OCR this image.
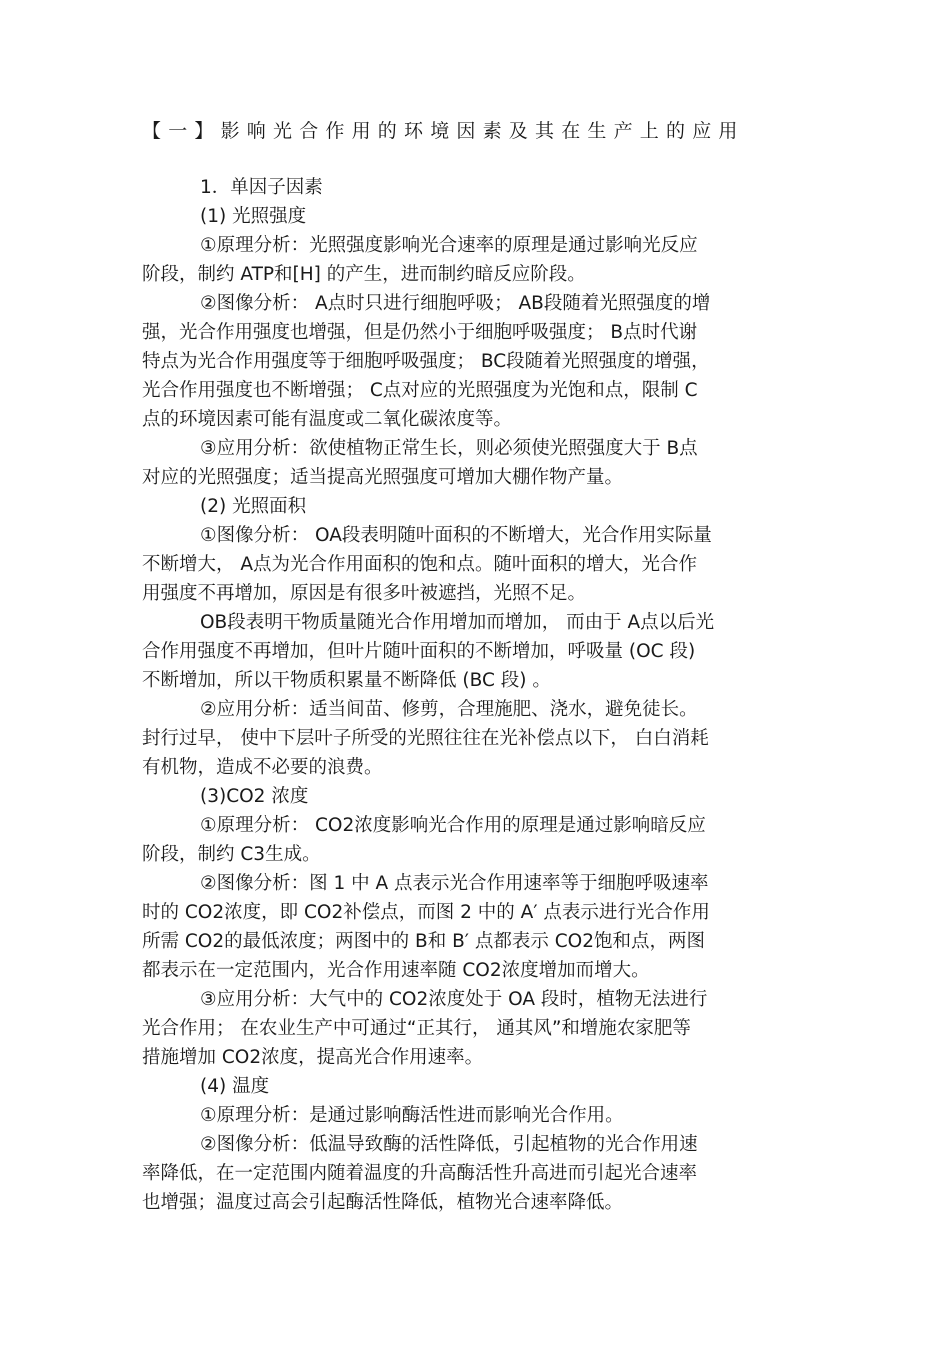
【一】影响光合作用的环境因素及其在生产上的应用
1．单因子因素
(1) 光照强度
①原理分析：光照强度影响光合速率的原理是通过影响光反应
阶段，制约 ATP和[H] 的产生，进而制约暗反应阶段。
②图像分析： A点时只进行细胞呼吸； AB段随着光照强度的增
强，光合作用强度也增强，但是仍然小于细胞呼吸强度； B点时代谢
特点为光合作用强度等于细胞呼吸强度； BC段随着光照强度的增强，
光合作用强度也不断增强； C点对应的光照强度为光饱和点，限制 C
点的环境因素可能有温度或二氧化碳浓度等。
③应用分析：欲使植物正常生长，则必须使光照强度大于 B点
对应的光照强度；适当提高光照强度可增加大棚作物产量。
(2) 光照面积
①图像分析： OA段表明随叶面积的不断增大，光合作用实际量
不断增大， A点为光合作用面积的饱和点。随叶面积的增大，光合作
用强度不再增加，原因是有很多叶被遮挡，光照不足。
OB段表明干物质量随光合作用增加而增加， 而由于 A点以后光
合作用强度不再增加，但叶片随叶面积的不断增加，呼吸量 (OC 段)
不断增加，所以干物质积累量不断降低 (BC 段) 。
②应用分析：适当间苗、修剪，合理施肥、浇水，避免徒长。
封行过早， 使中下层叶子所受的光照往往在光补偿点以下， 白白消耗
有机物，造成不必要的浪费。
(3)CO2 浓度
①原理分析： CO2浓度影响光合作用的原理是通过影响暗反应
阶段，制约 C3生成。
②图像分析：图 1 中 A 点表示光合作用速率等于细胞呼吸速率
时的 CO2浓度，即 CO2补偿点，而图 2 中的 A′ 点表示进行光合作用
所需 CO2的最低浓度；两图中的 B和 B′ 点都表示 CO2饱和点，两图
都表示在一定范围内，光合作用速率随 CO2浓度增加而增大。
③应用分析：大气中的 CO2浓度处于 OA 段时，植物无法进行
光合作用； 在农业生产中可通过“正其行， 通其风”和增施农家肥等
措施增加 CO2浓度，提高光合作用速率。
(4) 温度
①原理分析：是通过影响酶活性进而影响光合作用。
②图像分析：低温导致酶的活性降低，引起植物的光合作用速
率降低，在一定范围内随着温度的升高酶活性升高进而引起光合速率
也增强；温度过高会引起酶活性降低，植物光合速率降低。
